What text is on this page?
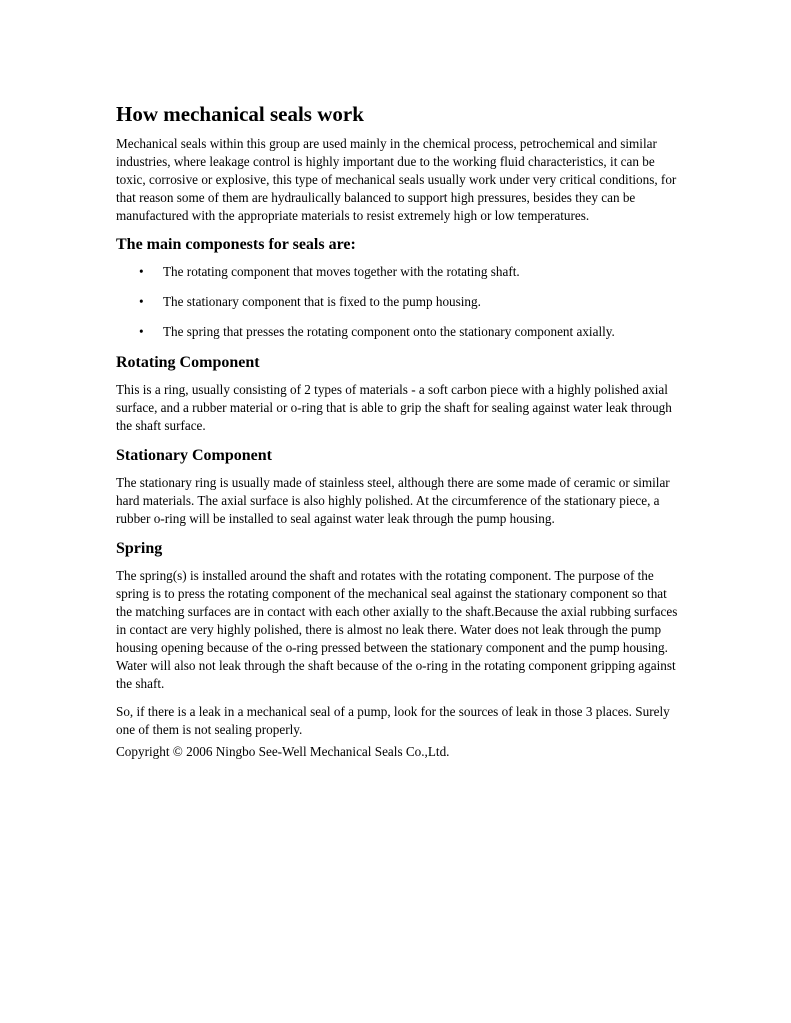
How mechanical seals work

Mechanical seals within this group are used mainly in the chemical process, petrochemical and similar industries, where leakage control is highly important due to the working fluid characteristics, it can be toxic, corrosive or explosive, this type of mechanical seals usually work under very critical conditions, for that reason some of them are hydraulically balanced to support high pressures, besides they can be manufactured with the appropriate materials to resist extremely high or low temperatures.

The main componests for seals are:
• The rotating component that moves together with the rotating shaft.
• The stationary component that is fixed to the pump housing.
• The spring that presses the rotating component onto the stationary component axially.
Rotating Component

This is a ring, usually consisting of 2 types of materials - a soft carbon piece with a highly polished axial surface, and a rubber material or o-ring that is able to grip the shaft for sealing against water leak through the shaft surface.

Stationary Component

The stationary ring is usually made of stainless steel, although there are some made of ceramic or similar hard materials. The axial surface is also highly polished. At the circumference of the stationary piece, a rubber o-ring will be installed to seal against water leak through the pump housing.

Spring

The spring(s) is installed around the shaft and rotates with the rotating component. The purpose of the spring is to press the rotating component of the mechanical seal against the stationary component so that the matching surfaces are in contact with each other axially to the shaft.Because the axial rubbing surfaces in contact are very highly polished, there is almost no leak there. Water does not leak through the pump housing opening because of the o-ring pressed between the stationary component and the pump housing. Water will also not leak through the shaft because of the o-ring in the rotating component gripping against the shaft.

So, if there is a leak in a mechanical seal of a pump, look for the sources of leak in those 3 places. Surely one of them is not sealing properly.

Copyright © 2006 Ningbo See-Well Mechanical Seals Co.,Ltd.
